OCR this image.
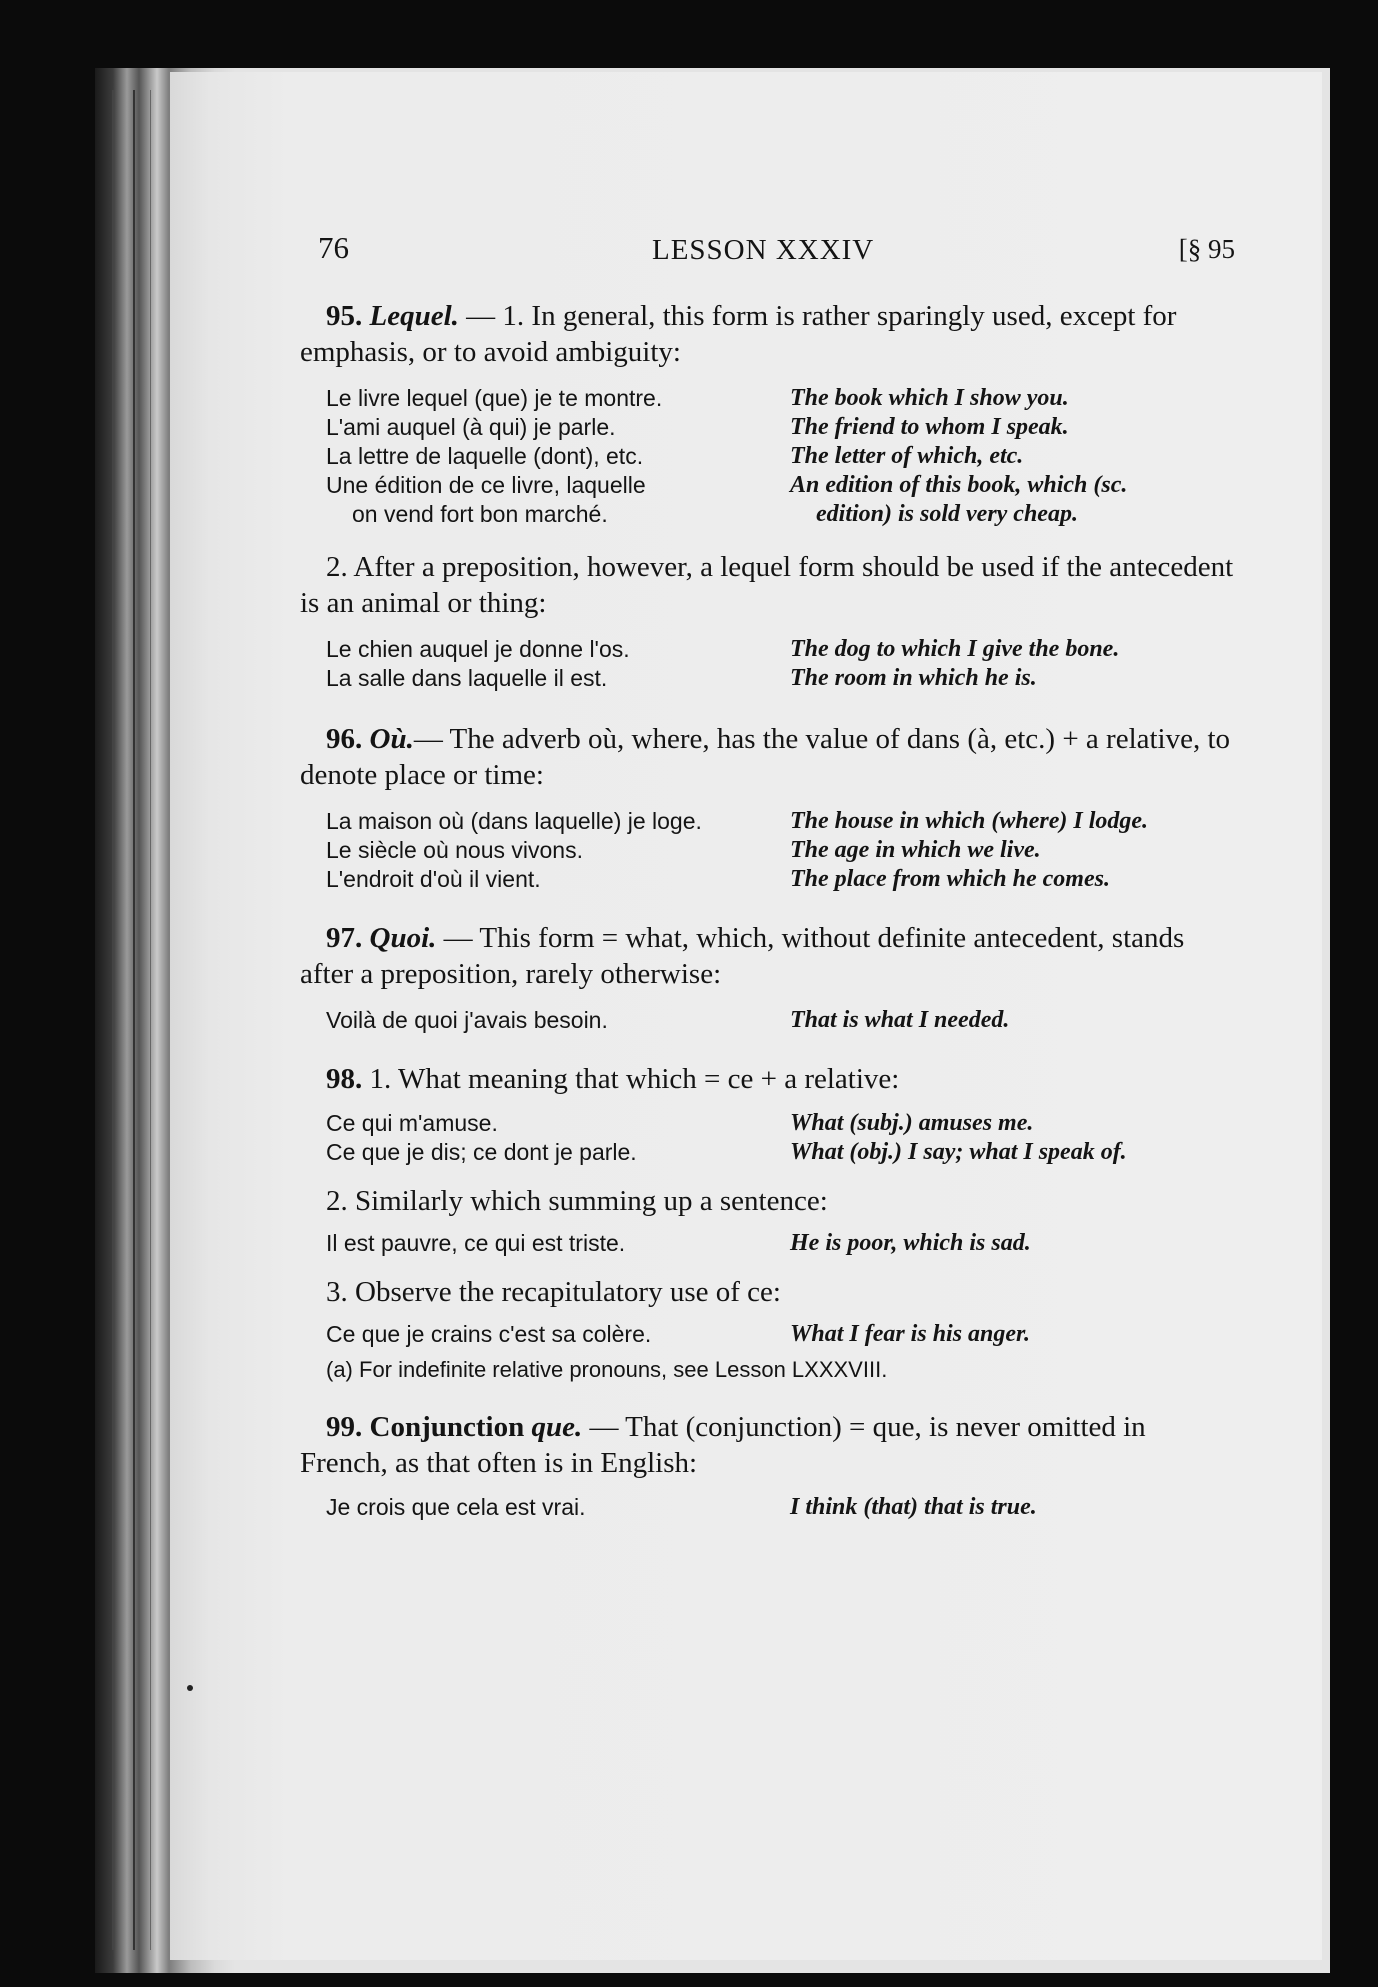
76	LESSON XXXIV	[§ 95

95. Lequel. — 1. In general, this form is rather sparingly used, except for emphasis, or to avoid ambiguity:

Le livre lequel (que) je te montre.	The book which I show you.
L'ami auquel (à qui) je parle.	The friend to whom I speak.
La lettre de laquelle (dont), etc.	The letter of which, etc.
Une édition de ce livre, laquelle	An edition of this book, which (sc.
on vend fort bon marché.	edition) is sold very cheap.

2. After a preposition, however, a lequel form should be used if the antecedent is an animal or thing:

Le chien auquel je donne l'os.	The dog to which I give the bone.
La salle dans laquelle il est.	The room in which he is.

96. Où.— The adverb où, where, has the value of dans (à, etc.) + a relative, to denote place or time:

La maison où (dans laquelle) je loge.	The house in which (where) I lodge.
Le siècle où nous vivons.	The age in which we live.
L'endroit d'où il vient.	The place from which he comes.

97. Quoi. — This form = what, which, without definite antecedent, stands after a preposition, rarely otherwise:

Voilà de quoi j'avais besoin.	That is what I needed.

98. 1. What meaning that which = ce + a relative:

Ce qui m'amuse.	What (subj.) amuses me.
Ce que je dis; ce dont je parle.	What (obj.) I say; what I speak of.

2. Similarly which summing up a sentence:

Il est pauvre, ce qui est triste.	He is poor, which is sad.

3. Observe the recapitulatory use of ce:

Ce que je crains c'est sa colère.	What I fear is his anger.

(a) For indefinite relative pronouns, see Lesson LXXXVIII.

99. Conjunction que. — That (conjunction) = que, is never omitted in French, as that often is in English:

Je crois que cela est vrai.	I think (that) that is true.
